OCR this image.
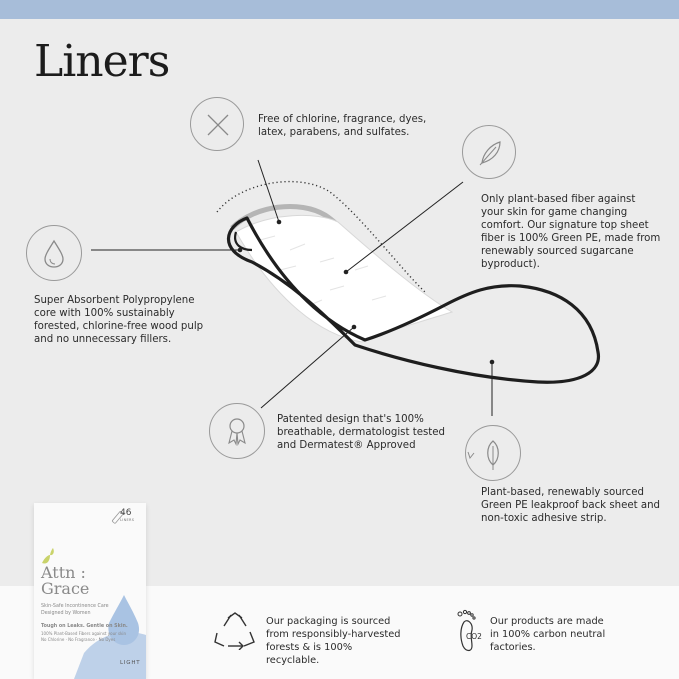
Liners

Free of chlorine, fragrance, dyes, latex, parabens, and sulfates.

Only plant-based fiber against your skin for game changing comfort. Our signature top sheet fiber is 100% Green PE, made from renewably sourced sugarcane byproduct).

Super Absorbent Polypropylene core with 100% sustainably forested, chlorine-free wood pulp and no unnecessary fillers.

Patented design that's 100% breathable, dermatologist tested and Dermatest® Approved

Plant-based, renewably sourced Green PE leakproof back sheet and non-toxic adhesive strip.

46
LINERS
Attn :
Grace
Skin-Safe Incontinence Care
Designed by Women
Tough on Leaks. Gentle on Skin.
100% Plant-Based Fibers against your skin
No Chlorine · No Fragrance · No Dyes
LIGHT

Our packaging is sourced from responsibly-harvested forests & is 100% recyclable.

CO2

Our products are made in 100% carbon neutral factories.
